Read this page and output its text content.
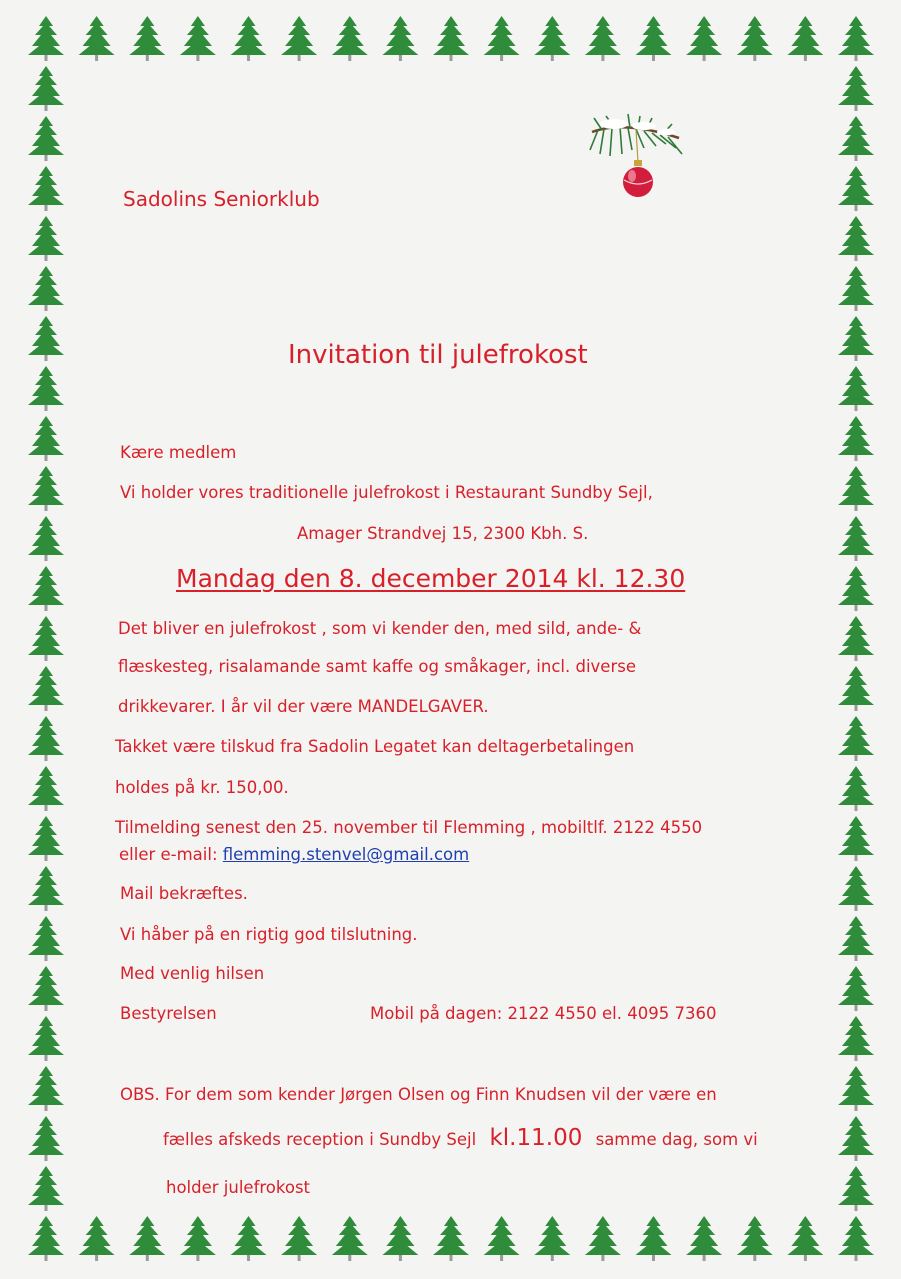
Sadolins Seniorklub
Invitation til julefrokost
Kære medlem
Vi holder vores traditionelle julefrokost i Restaurant Sundby Sejl,
Amager Strandvej 15, 2300 Kbh. S.
Mandag den 8. december 2014 kl. 12.30
Det bliver en julefrokost , som vi kender den, med sild, ande- &
flæskesteg, risalamande samt kaffe og småkager, incl. diverse
drikkevarer. I år vil der være MANDELGAVER.
Takket være tilskud fra Sadolin Legatet kan deltagerbetalingen
holdes på kr. 150,00.
Tilmelding senest den 25. november til Flemming , mobiltlf. 2122 4550
eller e-mail: flemming.stenvel@gmail.com
Mail bekræftes.
Vi håber på en rigtig god tilslutning.
Med venlig hilsen
Bestyrelsen	Mobil på dagen: 2122 4550 el. 4095 7360
OBS. For dem som kender Jørgen Olsen og Finn Knudsen vil der være en
fælles afskeds reception i Sundby Sejl kl.11.00 samme dag, som vi
holder julefrokost
